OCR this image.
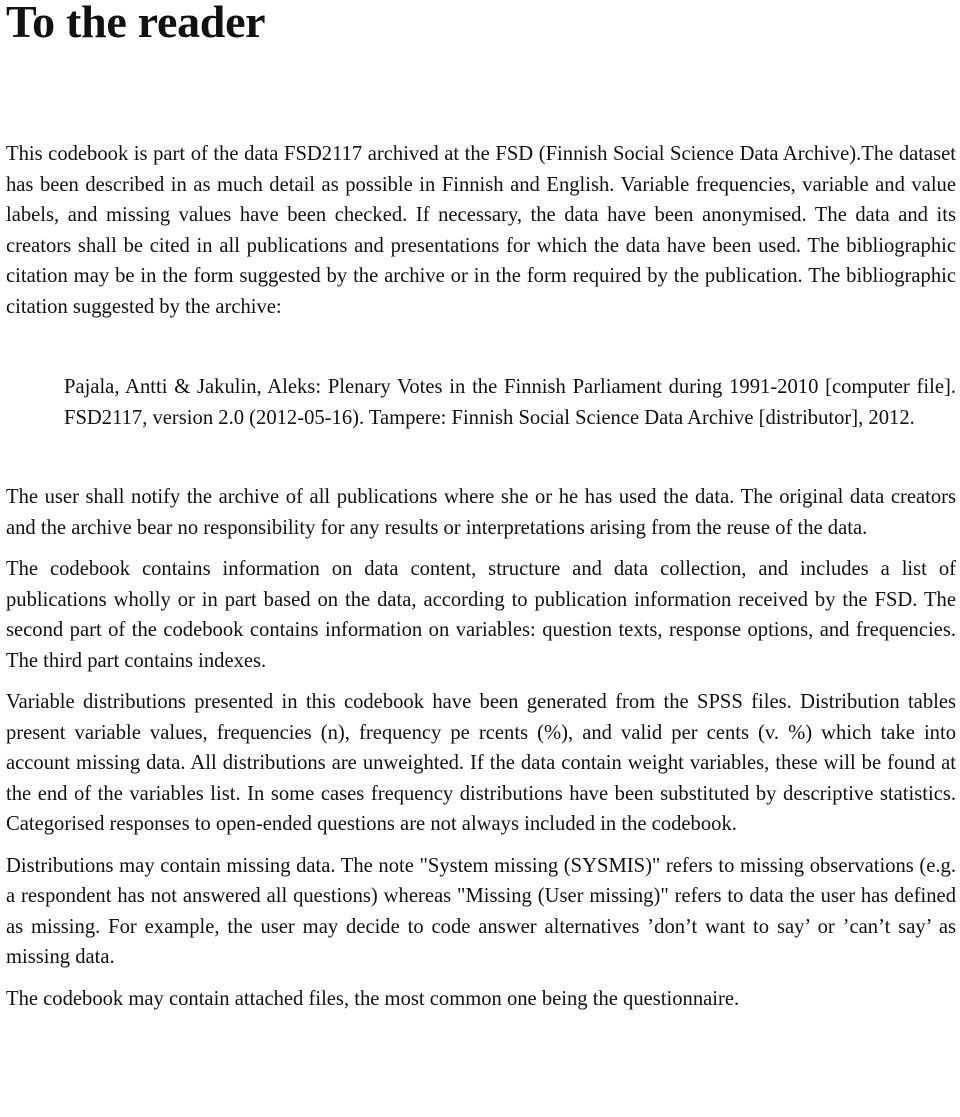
To the reader

This codebook is part of the data FSD2117 archived at the FSD (Finnish Social Science Data Archive).The dataset has been described in as much detail as possible in Finnish and English. Variable frequencies, variable and value labels, and missing values have been checked. If necessary, the data have been anonymised. The data and its creators shall be cited in all publications and presentations for which the data have been used. The bibliographic citation may be in the form suggested by the archive or in the form required by the publication. The bibliographic citation suggested by the archive:

Pajala, Antti & Jakulin, Aleks: Plenary Votes in the Finnish Parliament during 1991-2010 [computer file]. FSD2117, version 2.0 (2012-05-16). Tampere: Finnish Social Science Data Archive [distributor], 2012.

The user shall notify the archive of all publications where she or he has used the data. The original data creators and the archive bear no responsibility for any results or interpretations arising from the reuse of the data.

The codebook contains information on data content, structure and data collection, and includes a list of publications wholly or in part based on the data, according to publication information received by the FSD. The second part of the codebook contains information on variables: question texts, response options, and frequencies. The third part contains indexes.

Variable distributions presented in this codebook have been generated from the SPSS files. Distribution tables present variable values, frequencies (n), frequency pe rcents (%), and valid per cents (v. %) which take into account missing data. All distributions are unweighted. If the data contain weight variables, these will be found at the end of the variables list. In some cases frequency distributions have been substituted by descriptive statistics. Categorised responses to open-ended questions are not always included in the codebook.

Distributions may contain missing data. The note "System missing (SYSMIS)" refers to missing observations (e.g. a respondent has not answered all questions) whereas "Missing (User missing)" refers to data the user has defined as missing. For example, the user may decide to code answer alternatives ’don’t want to say’ or ’can’t say’ as missing data.

The codebook may contain attached files, the most common one being the questionnaire.
